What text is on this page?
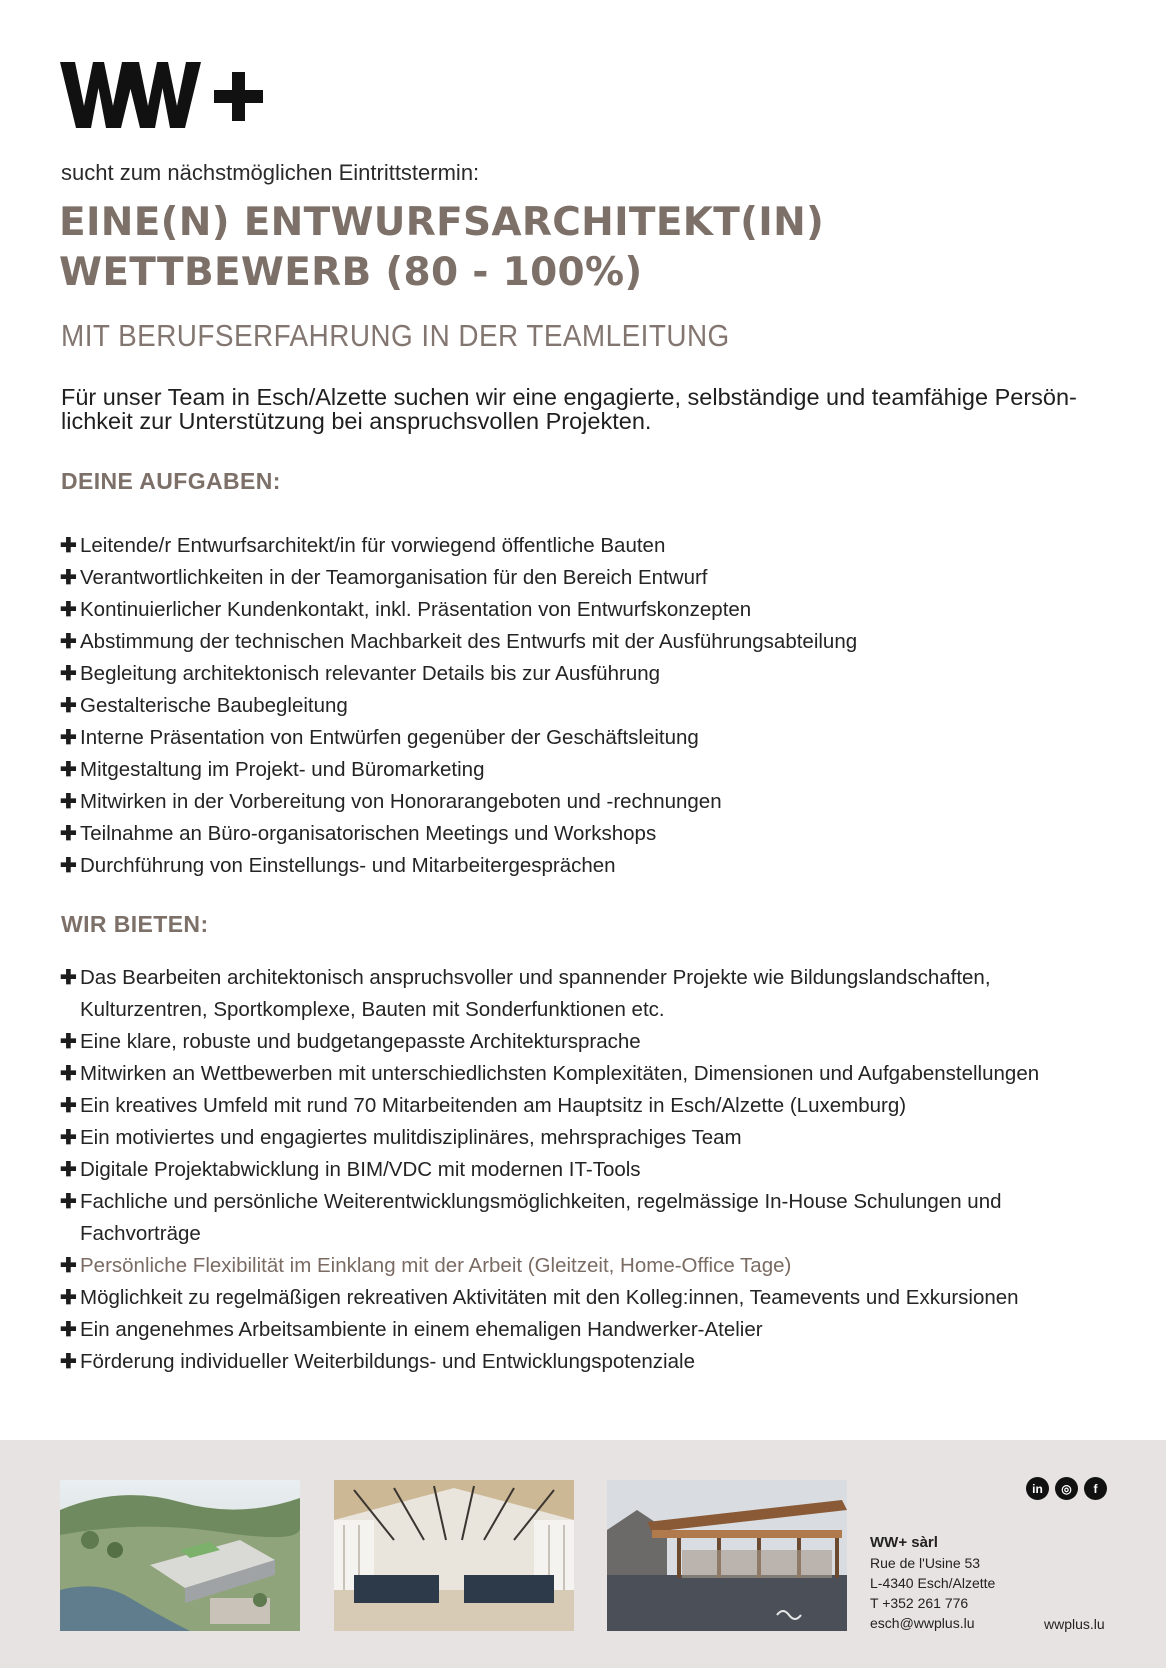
sucht zum nächstmöglichen Eintrittstermin:
EINE(N) ENTWURFSARCHITEKT(IN)
WETTBEWERB (80 - 100%)
MIT BERUFSERFAHRUNG IN DER TEAMLEITUNG
Für unser Team in Esch/Alzette suchen wir eine engagierte, selbständige und teamfähige Persön-
lichkeit zur Unterstützung bei anspruchsvollen Projekten.
DEINE AUFGABEN:
✚ Leitende/r Entwurfsarchitekt/in für vorwiegend öffentliche Bauten
✚ Verantwortlichkeiten in der Teamorganisation für den Bereich Entwurf
✚ Kontinuierlicher Kundenkontakt, inkl. Präsentation von Entwurfskonzepten
✚ Abstimmung der technischen Machbarkeit des Entwurfs mit der Ausführungsabteilung
✚ Begleitung architektonisch relevanter Details bis zur Ausführung
✚ Gestalterische Baubegleitung
✚ Interne Präsentation von Entwürfen gegenüber der Geschäftsleitung
✚ Mitgestaltung im Projekt- und Büromarketing
✚ Mitwirken in der Vorbereitung von Honorarangeboten und -rechnungen
✚ Teilnahme an Büro-organisatorischen Meetings und Workshops
✚ Durchführung von Einstellungs- und Mitarbeitergesprächen
WIR BIETEN:
✚ Das Bearbeiten architektonisch anspruchsvoller und spannender Projekte wie Bildungslandschaften, Kulturzentren, Sportkomplexe, Bauten mit Sonderfunktionen etc.
✚ Eine klare, robuste und budgetangepasste Architektursprache
✚ Mitwirken an Wettbewerben mit unterschiedlichsten Komplexitäten, Dimensionen und Aufgabenstellungen
✚ Ein kreatives Umfeld mit rund 70 Mitarbeitenden am Hauptsitz in Esch/Alzette (Luxemburg)
✚ Ein motiviertes und engagiertes mulitdisziplinäres, mehrsprachiges Team
✚ Digitale Projektabwicklung in BIM/VDC mit modernen IT-Tools
✚ Fachliche und persönliche Weiterentwicklungsmöglichkeiten, regelmässige In-House Schulungen und Fachvorträge
✚ Persönliche Flexibilität im Einklang mit der Arbeit (Gleitzeit, Home-Office Tage)
✚ Möglichkeit zu regelmäßigen rekreativen Aktivitäten mit den Kolleg:innen, Teamevents und Exkursionen
✚ Ein angenehmes Arbeitsambiente in einem ehemaligen Handwerker-Atelier
✚ Förderung individueller Weiterbildungs- und Entwicklungspotenziale
in	◎	f
WW+ sàrl
Rue de l'Usine 53
L-4340 Esch/Alzette
T +352 261 776
esch@wwplus.lu	wwplus.lu
